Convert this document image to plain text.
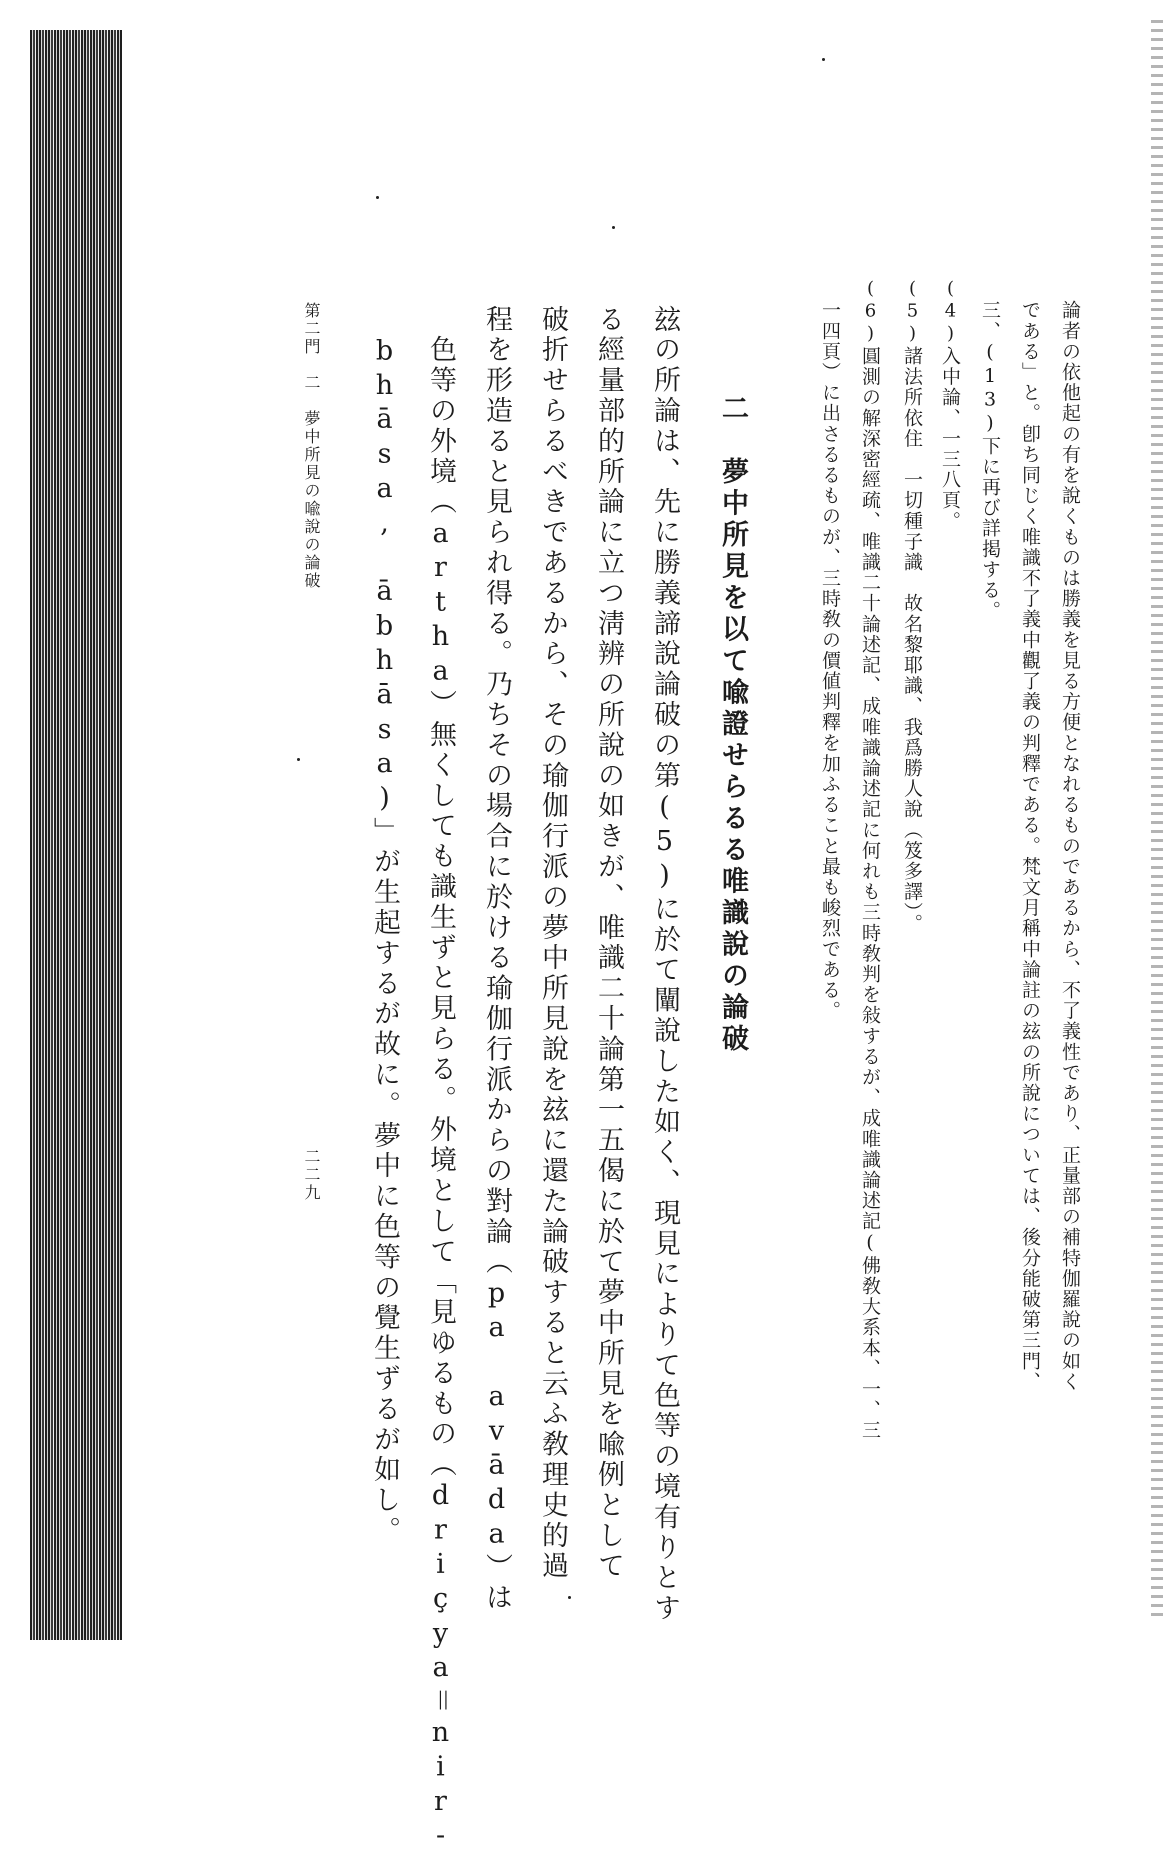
論者の依他起の有を說くものは勝義を見る方便となれるものであるから、不了義性であり、正量部の補特伽羅說の如く
である」と。卽ち同じく唯識不了義中觀了義の判釋である。梵文月稱中論註の玆の所說については、後分能破第三門、
三、(13)下に再び詳掲する。
(4)入中論、一三八頁。
(5)諸法所依住　一切種子識　故名黎耶識、我爲勝人說（笈多譯）。
(6)圓測の解深密經疏、唯識二十論述記、成唯識論述記に何れも三時敎判を敍するが、成唯識論述記(佛敎大系本、一、三
一四頁）に出さるるものが、三時敎の價値判釋を加ふること最も峻烈である。
二　夢中所見を以て喩證せらるる唯識說の論破
玆の所論は、先に勝義諦說論破の第(5)に於て闡說した如く、現見によりて色等の境有りとす
る經量部的所論に立つ淸辨の所說の如きが、唯識二十論第一五偈に於て夢中所見を喩例として
破折せらるべきであるから、その瑜伽行派の夢中所見說を玆に還た論破すると云ふ敎理史的過
程を形造ると見られ得る。乃ちその場合に於ける瑜伽行派からの對論（pa avāda）は
　色等の外境（artha）無くしても識生ずと見らる。外境として「見ゆるもの（driçya＝nir-
　bhāsa, ābhāsa)」が生起するが故に。夢中に色等の覺生ずるが如し。
第二門　二　夢中所見の喩說の論破
二二九
